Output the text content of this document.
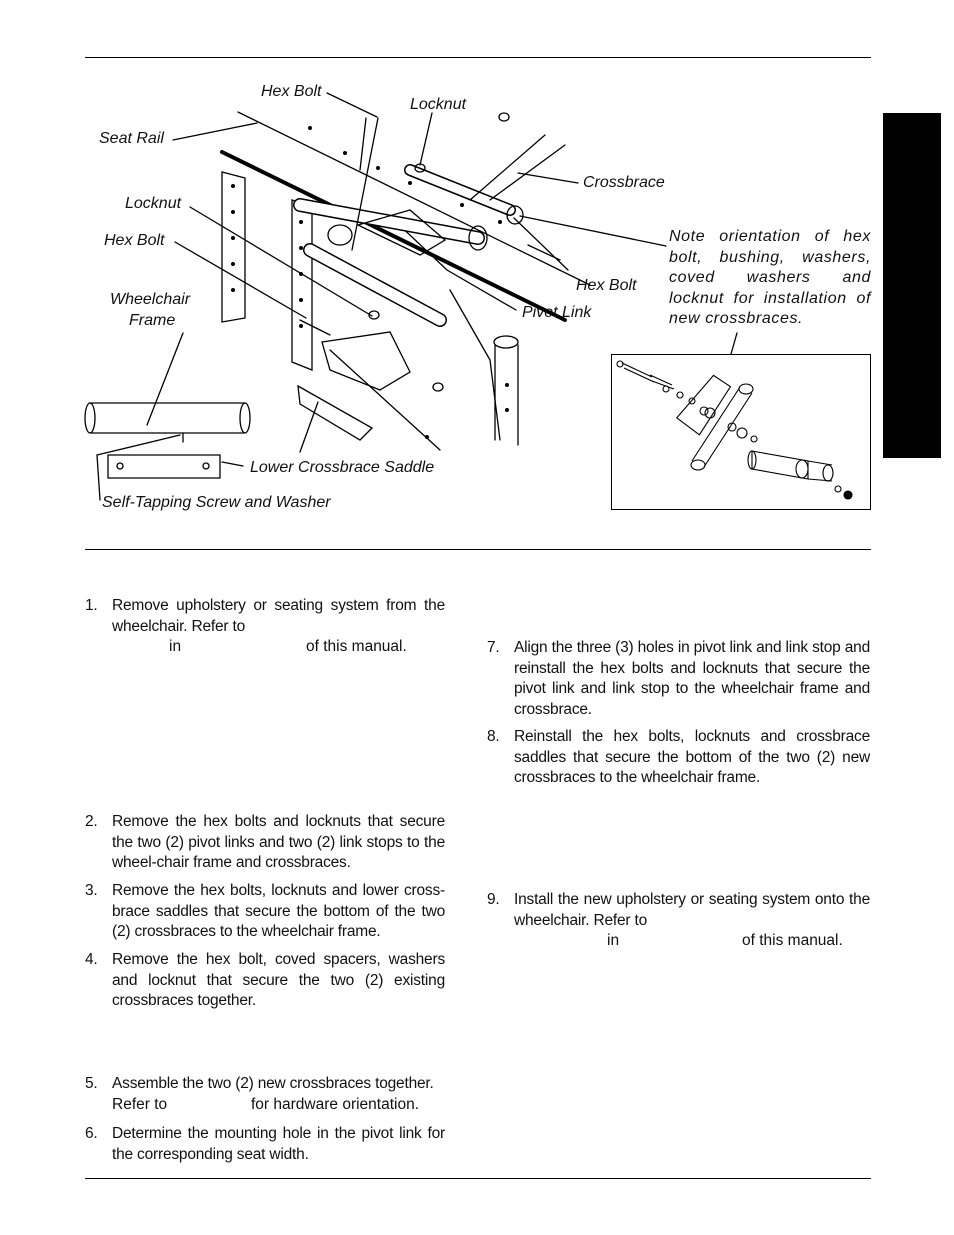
Hex Bolt
Locknut
Seat Rail
Crossbrace
Locknut
Hex Bolt
Wheelchair
Frame
Hex Bolt
Pivot Link
Lower Crossbrace Saddle
Self-Tapping Screw and Washer
Note orientation of hex bolt, bushing, washers, coved washers and locknut for installation of new crossbraces.
1. Remove upholstery or seating system from the wheelchair. Refer to
2. Remove the hex bolts and locknuts that secure the two (2) pivot links and two (2) link stops to the wheel-chair frame and crossbraces.
3. Remove the hex bolts, locknuts and lower cross-brace saddles that secure the bottom of the two (2) crossbraces to the wheelchair frame.
4. Remove the hex bolt, coved spacers, washers and locknut that secure the two (2) existing crossbraces together.
5. Assemble the two (2) new crossbraces together.
6. Determine the mounting hole in the pivot link for the corresponding seat width.
7. Align the three (3) holes in pivot link and link stop and reinstall the hex bolts and locknuts that secure the pivot link and link stop to the wheelchair frame and crossbrace.
8. Reinstall the hex bolts, locknuts and crossbrace saddles that secure the bottom of the two (2) new crossbraces to the wheelchair frame.
9. Install the new upholstery or seating system onto the wheelchair. Refer to
in	of this manual.
Refer to	for hardware orientation.
in	of this manual.
